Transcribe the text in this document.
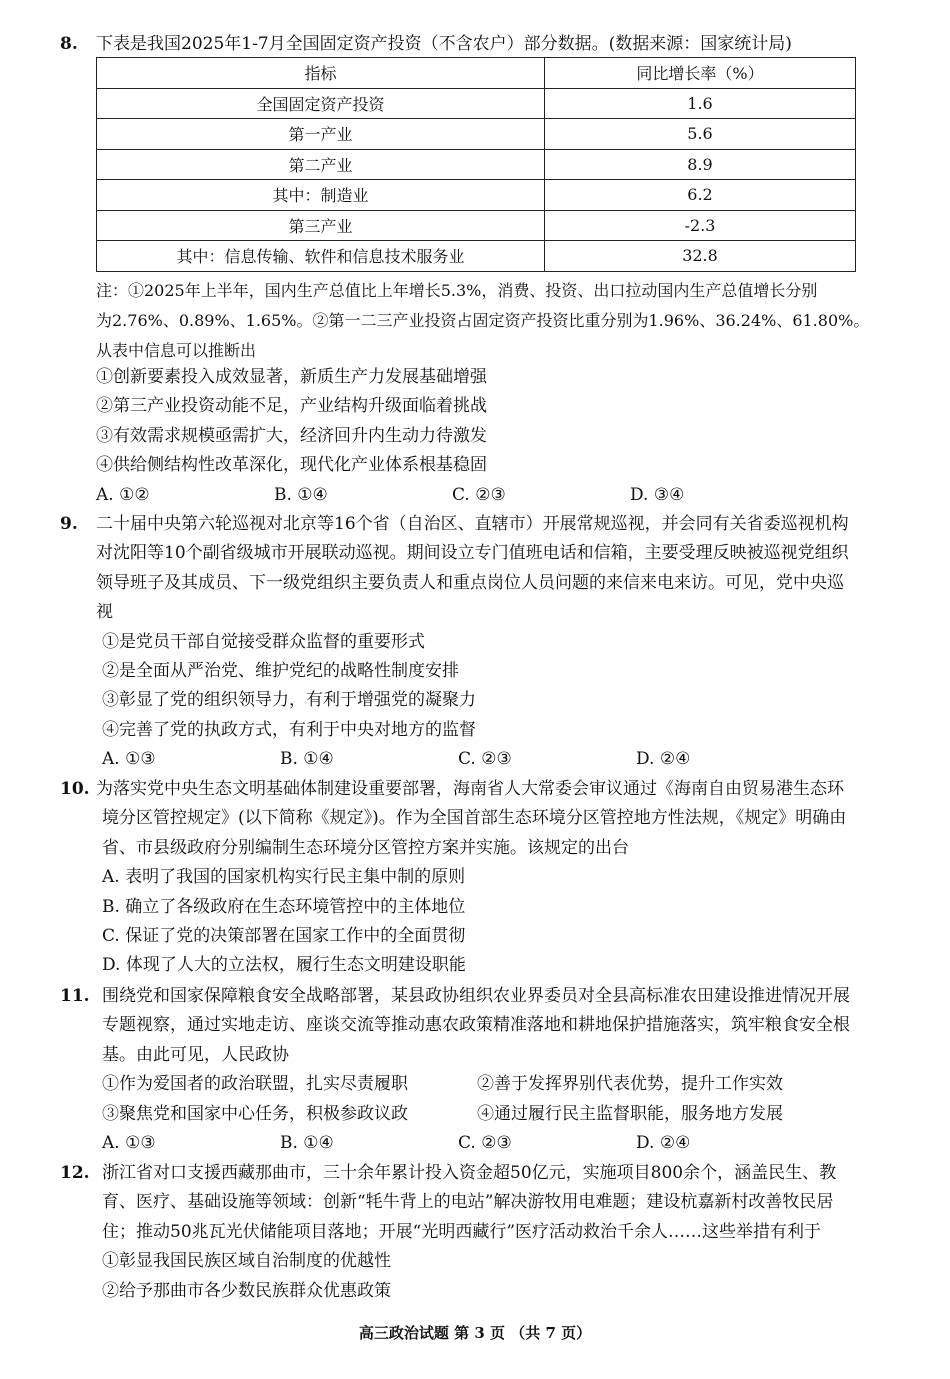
8.	下表是我国2025年1-7月全国固定资产投资（不含农户）部分数据。(数据来源：国家统计局)
指标	同比增长率（%）
全国固定资产投资	1.6
第一产业	5.6
第二产业	8.9
其中：制造业	6.2
第三产业	-2.3
其中：信息传输、软件和信息技术服务业	32.8
注：①2025年上半年，国内生产总值比上年增长5.3%，消费、投资、出口拉动国内生产总值增长分别
为2.76%、0.89%、1.65%。②第一二三产业投资占固定资产投资比重分别为1.96%、36.24%、61.80%。
从表中信息可以推断出
①创新要素投入成效显著，新质生产力发展基础增强
②第三产业投资动能不足，产业结构升级面临着挑战
③有效需求规模亟需扩大，经济回升内生动力待激发
④供给侧结构性改革深化，现代化产业体系根基稳固
A. ①②	B. ①④	C. ②③	D. ③④
9.	二十届中央第六轮巡视对北京等16个省（自治区、直辖市）开展常规巡视，并会同有关省委巡视机构
对沈阳等10个副省级城市开展联动巡视。期间设立专门值班电话和信箱，主要受理反映被巡视党组织
领导班子及其成员、下一级党组织主要负责人和重点岗位人员问题的来信来电来访。可见，党中央巡
视
①是党员干部自觉接受群众监督的重要形式
②是全面从严治党、维护党纪的战略性制度安排
③彰显了党的组织领导力，有利于增强党的凝聚力
④完善了党的执政方式，有利于中央对地方的监督
A. ①③	B. ①④	C. ②③	D. ②④
10. 为落实党中央生态文明基础体制建设重要部署，海南省人大常委会审议通过《海南自由贸易港生态环
境分区管控规定》(以下简称《规定》)。作为全国首部生态环境分区管控地方性法规，《规定》明确由
省、市县级政府分别编制生态环境分区管控方案并实施。该规定的出台
A. 表明了我国的国家机构实行民主集中制的原则
B. 确立了各级政府在生态环境管控中的主体地位
C. 保证了党的决策部署在国家工作中的全面贯彻
D. 体现了人大的立法权，履行生态文明建设职能
11. 围绕党和国家保障粮食安全战略部署，某县政协组织农业界委员对全县高标准农田建设推进情况开展
专题视察，通过实地走访、座谈交流等推动惠农政策精准落地和耕地保护措施落实，筑牢粮食安全根
基。由此可见，人民政协
①作为爱国者的政治联盟，扎实尽责履职	②善于发挥界别代表优势，提升工作实效
③聚焦党和国家中心任务，积极参政议政	④通过履行民主监督职能，服务地方发展
A. ①③	B. ①④	C. ②③	D. ②④
12. 浙江省对口支援西藏那曲市，三十余年累计投入资金超50亿元，实施项目800余个，涵盖民生、教
育、医疗、基础设施等领域：创新“牦牛背上的电站”解决游牧用电难题；建设杭嘉新村改善牧民居
住；推动50兆瓦光伏储能项目落地；开展“光明西藏行”医疗活动救治千余人……这些举措有利于
①彰显我国民族区域自治制度的优越性
②给予那曲市各少数民族群众优惠政策
高三政治试题 第 3 页 （共 7 页）
